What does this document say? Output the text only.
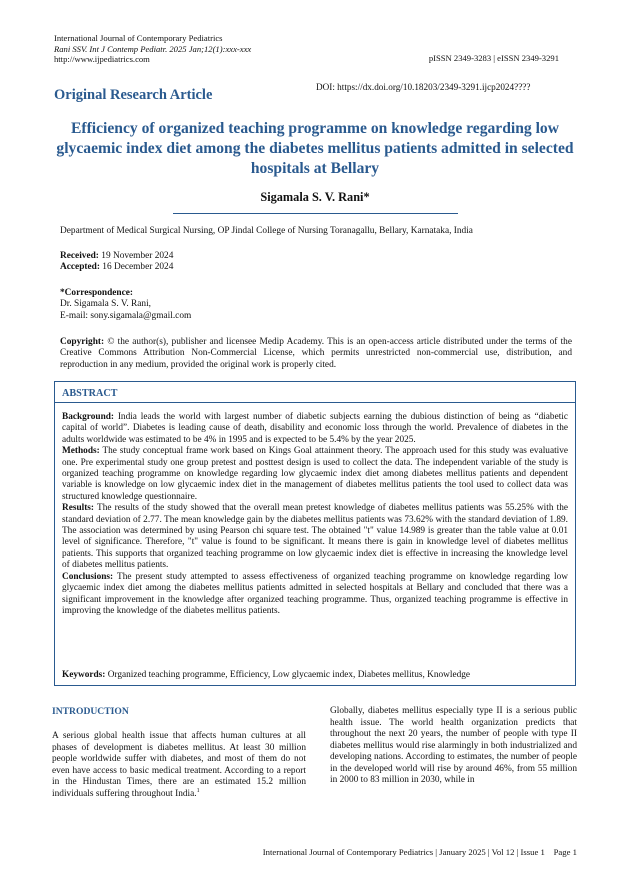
International Journal of Contemporary Pediatrics
Rani SSV. Int J Contemp Pediatr. 2025 Jan;12(1):xxx-xxx
http://www.ijpediatrics.com	pISSN 2349-3283 | eISSN 2349-3291
DOI: https://dx.doi.org/10.18203/2349-3291.ijcp2024????
Original Research Article
Efficiency of organized teaching programme on knowledge regarding low glycaemic index diet among the diabetes mellitus patients admitted in selected hospitals at Bellary
Sigamala S. V. Rani*
Department of Medical Surgical Nursing, OP Jindal College of Nursing Toranagallu, Bellary, Karnataka, India
Received: 19 November 2024
Accepted: 16 December 2024
*Correspondence:
Dr. Sigamala S. V. Rani,
E-mail: sony.sigamala@gmail.com
Copyright: © the author(s), publisher and licensee Medip Academy. This is an open-access article distributed under the terms of the Creative Commons Attribution Non-Commercial License, which permits unrestricted non-commercial use, distribution, and reproduction in any medium, provided the original work is properly cited.
ABSTRACT

Background: India leads the world with largest number of diabetic subjects earning the dubious distinction of being as “diabetic capital of world”. Diabetes is leading cause of death, disability and economic loss through the world. Prevalence of diabetes in the adults worldwide was estimated to be 4% in 1995 and is expected to be 5.4% by the year 2025.

Methods: The study conceptual frame work based on Kings Goal attainment theory. The approach used for this study was evaluative one. Pre experimental study one group pretest and posttest design is used to collect the data. The independent variable of the study is organized teaching programme on knowledge regarding low glycaemic index diet among diabetes mellitus patients and dependent variable is knowledge on low glycaemic index diet in the management of diabetes mellitus patients the tool used to collect data was structured knowledge questionnaire.

Results: The results of the study showed that the overall mean pretest knowledge of diabetes mellitus patients was 55.25% with the standard deviation of 2.77. The mean knowledge gain by the diabetes mellitus patients was 73.62% with the standard deviation of 1.89. The association was determined by using Pearson chi square test. The obtained "t" value 14.989 is greater than the table value at 0.01 level of significance. Therefore, "t" value is found to be significant. It means there is gain in knowledge level of diabetes mellitus patients. This supports that organized teaching programme on low glycaemic index diet is effective in increasing the knowledge level of diabetes mellitus patients.

Conclusions: The present study attempted to assess effectiveness of organized teaching programme on knowledge regarding low glycaemic index diet among the diabetes mellitus patients admitted in selected hospitals at Bellary and concluded that there was a significant improvement in the knowledge after organized teaching programme. Thus, organized teaching programme is effective in improving the knowledge of the diabetes mellitus patients.

Keywords: Organized teaching programme, Efficiency, Low glycaemic index, Diabetes mellitus, Knowledge
INTRODUCTION

A serious global health issue that affects human cultures at all phases of development is diabetes mellitus. At least 30 million people worldwide suffer with diabetes, and most of them do not even have access to basic medical treatment. According to a report in the Hindustan Times, there are an estimated 15.2 million individuals suffering throughout India.$^1$

Globally, diabetes mellitus especially type II is a serious public health issue. The world health organization predicts that throughout the next 20 years, the number of people with type II diabetes mellitus would rise alarmingly in both industrialized and developing nations. According to estimates, the number of people in the developed world will rise by around 46%, from 55 million in 2000 to 83 million in 2030, while in

International Journal of Contemporary Pediatrics | January 2025 | Vol 12 | Issue 1    Page 1
